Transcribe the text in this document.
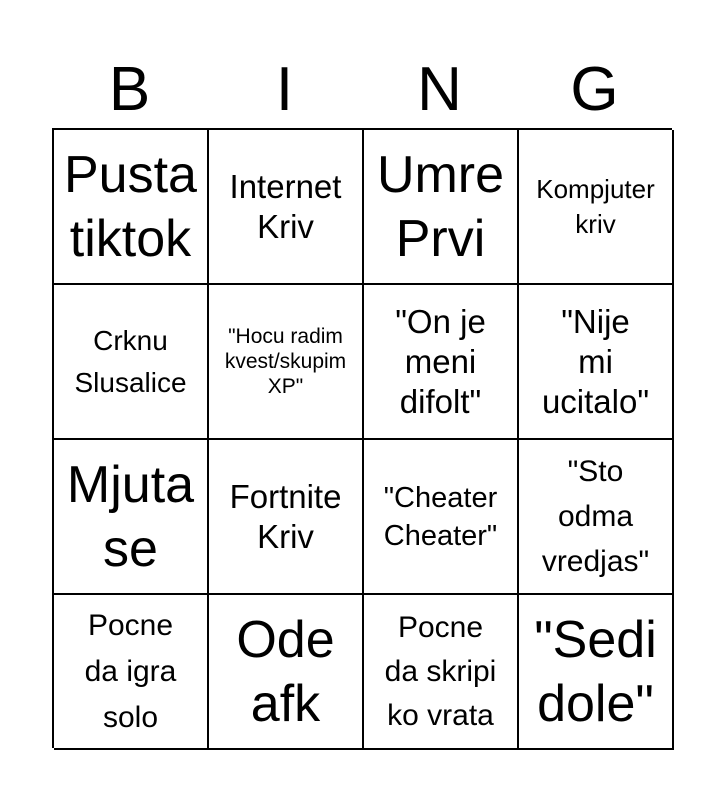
B	I	N	G
Pusta
tiktok
Internet
Kriv
Umre
Prvi
Kompjuter
kriv
Crknu
Slusalice
"Hocu radim
kvest/skupim
XP"
"On je
meni
difolt"
"Nije
mi
ucitalo"
Mjuta
se
Fortnite
Kriv
"Cheater
Cheater"
"Sto
odma
vredjas"
Pocne
da igra
solo
Ode
afk
Pocne
da skripi
ko vrata
"Sedi
dole"
